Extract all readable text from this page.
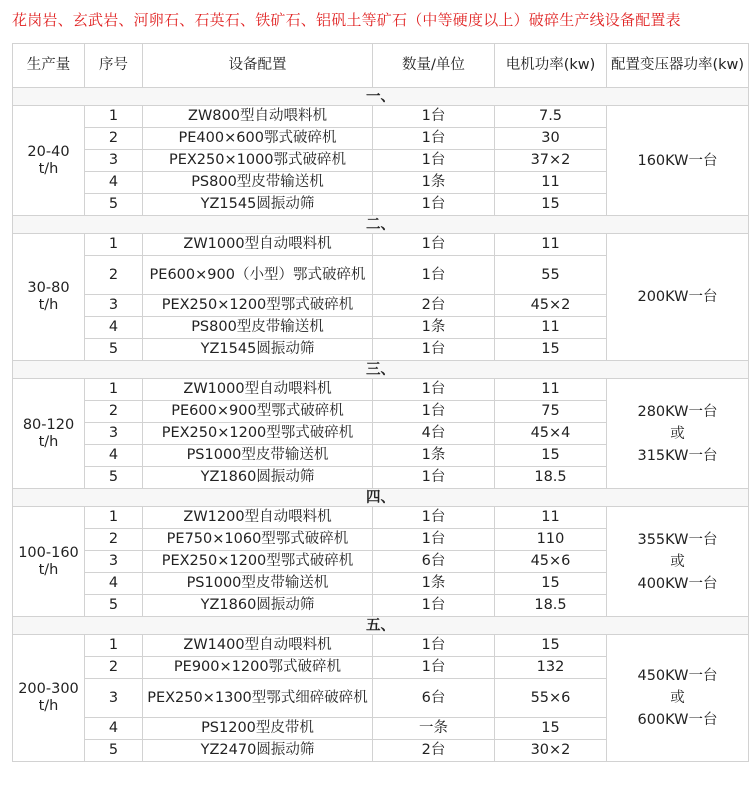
花岗岩、玄武岩、河卵石、石英石、铁矿石、铝矾土等矿石（中等硬度以上）破碎生产线设备配置表
生产量	序号	设备配置	数量/单位	电机功率(kw)	配置变压器功率(kw)
一、					
20-40
t/h	1	ZW800型自动喂料机	1台	7.5	160KW一台
	2	PE400×600鄂式破碎机	1台	30	
	3	PEX250×1000鄂式破碎机	1台	37×2	
	4	PS800型皮带输送机	1条	11	
	5	YZ1545圆振动筛	1台	15	
二、					
30-80
t/h	1	ZW1000型自动喂料机	1台	11	200KW一台
	2	PE600×900（小型）鄂式破碎机	1台	55	
	3	PEX250×1200型鄂式破碎机	2台	45×2	
	4	PS800型皮带输送机	1条	11	
	5	YZ1545圆振动筛	1台	15	
三、					
80-120
t/h	1	ZW1000型自动喂料机	1台	11	280KW一台
或
315KW一台
	2	PE600×900型鄂式破碎机	1台	75	
	3	PEX250×1200型鄂式破碎机	4台	45×4	
	4	PS1000型皮带输送机	1条	15	
	5	YZ1860圆振动筛	1台	18.5	
四、					
100-160
t/h	1	ZW1200型自动喂料机	1台	11	355KW一台
或
400KW一台
	2	PE750×1060型鄂式破碎机	1台	110	
	3	PEX250×1200型鄂式破碎机	6台	45×6	
	4	PS1000型皮带输送机	1条	15	
	5	YZ1860圆振动筛	1台	18.5	
五、					
200-300
t/h	1	ZW1400型自动喂料机	1台	15	450KW一台
或
600KW一台
	2	PE900×1200鄂式破碎机	1台	132	
	3	PEX250×1300型鄂式细碎破碎机	6台	55×6	
	4	PS1200型皮带机	一条	15	
	5	YZ2470圆振动筛	2台	30×2	
